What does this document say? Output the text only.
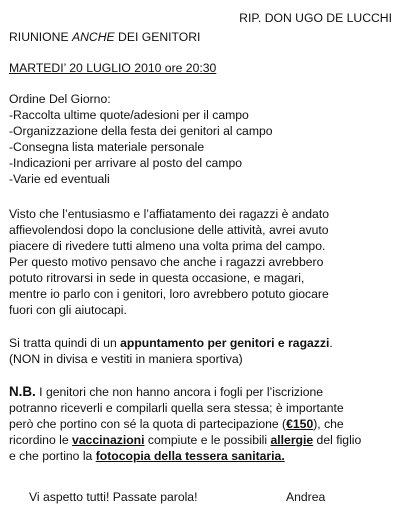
RIP. DON UGO DE LUCCHI
RIUNIONE ANCHE DEI GENITORI
MARTEDI’ 20 LUGLIO 2010 ore 20:30
Ordine Del Giorno:
-Raccolta ultime quote/adesioni per il campo
-Organizzazione della festa dei genitori al campo
-Consegna lista materiale personale
-Indicazioni per arrivare al posto del campo
-Varie ed eventuali
Visto che l’entusiasmo e l’affiatamento dei ragazzi è andato
affievolendosi dopo la conclusione delle attività, avrei avuto
piacere di rivedere tutti almeno una volta prima del campo.
Per questo motivo pensavo che anche i ragazzi avrebbero
potuto ritrovarsi in sede in questa occasione, e magari,
mentre io parlo con i genitori, loro avrebbero potuto giocare
fuori con gli aiutocapi.
Si tratta quindi di un appuntamento per genitori e ragazzi.
(NON in divisa e vestiti in maniera sportiva)
N.B. I genitori che non hanno ancora i fogli per l’iscrizione
potranno riceverli e compilarli quella sera stessa; è importante
però che portino con sé la quota di partecipazione (€150), che
ricordino le vaccinazioni compiute e le possibili allergie del figlio
e che portino la fotocopia della tessera sanitaria.
Vi aspetto tutti! Passate parola!	Andrea
